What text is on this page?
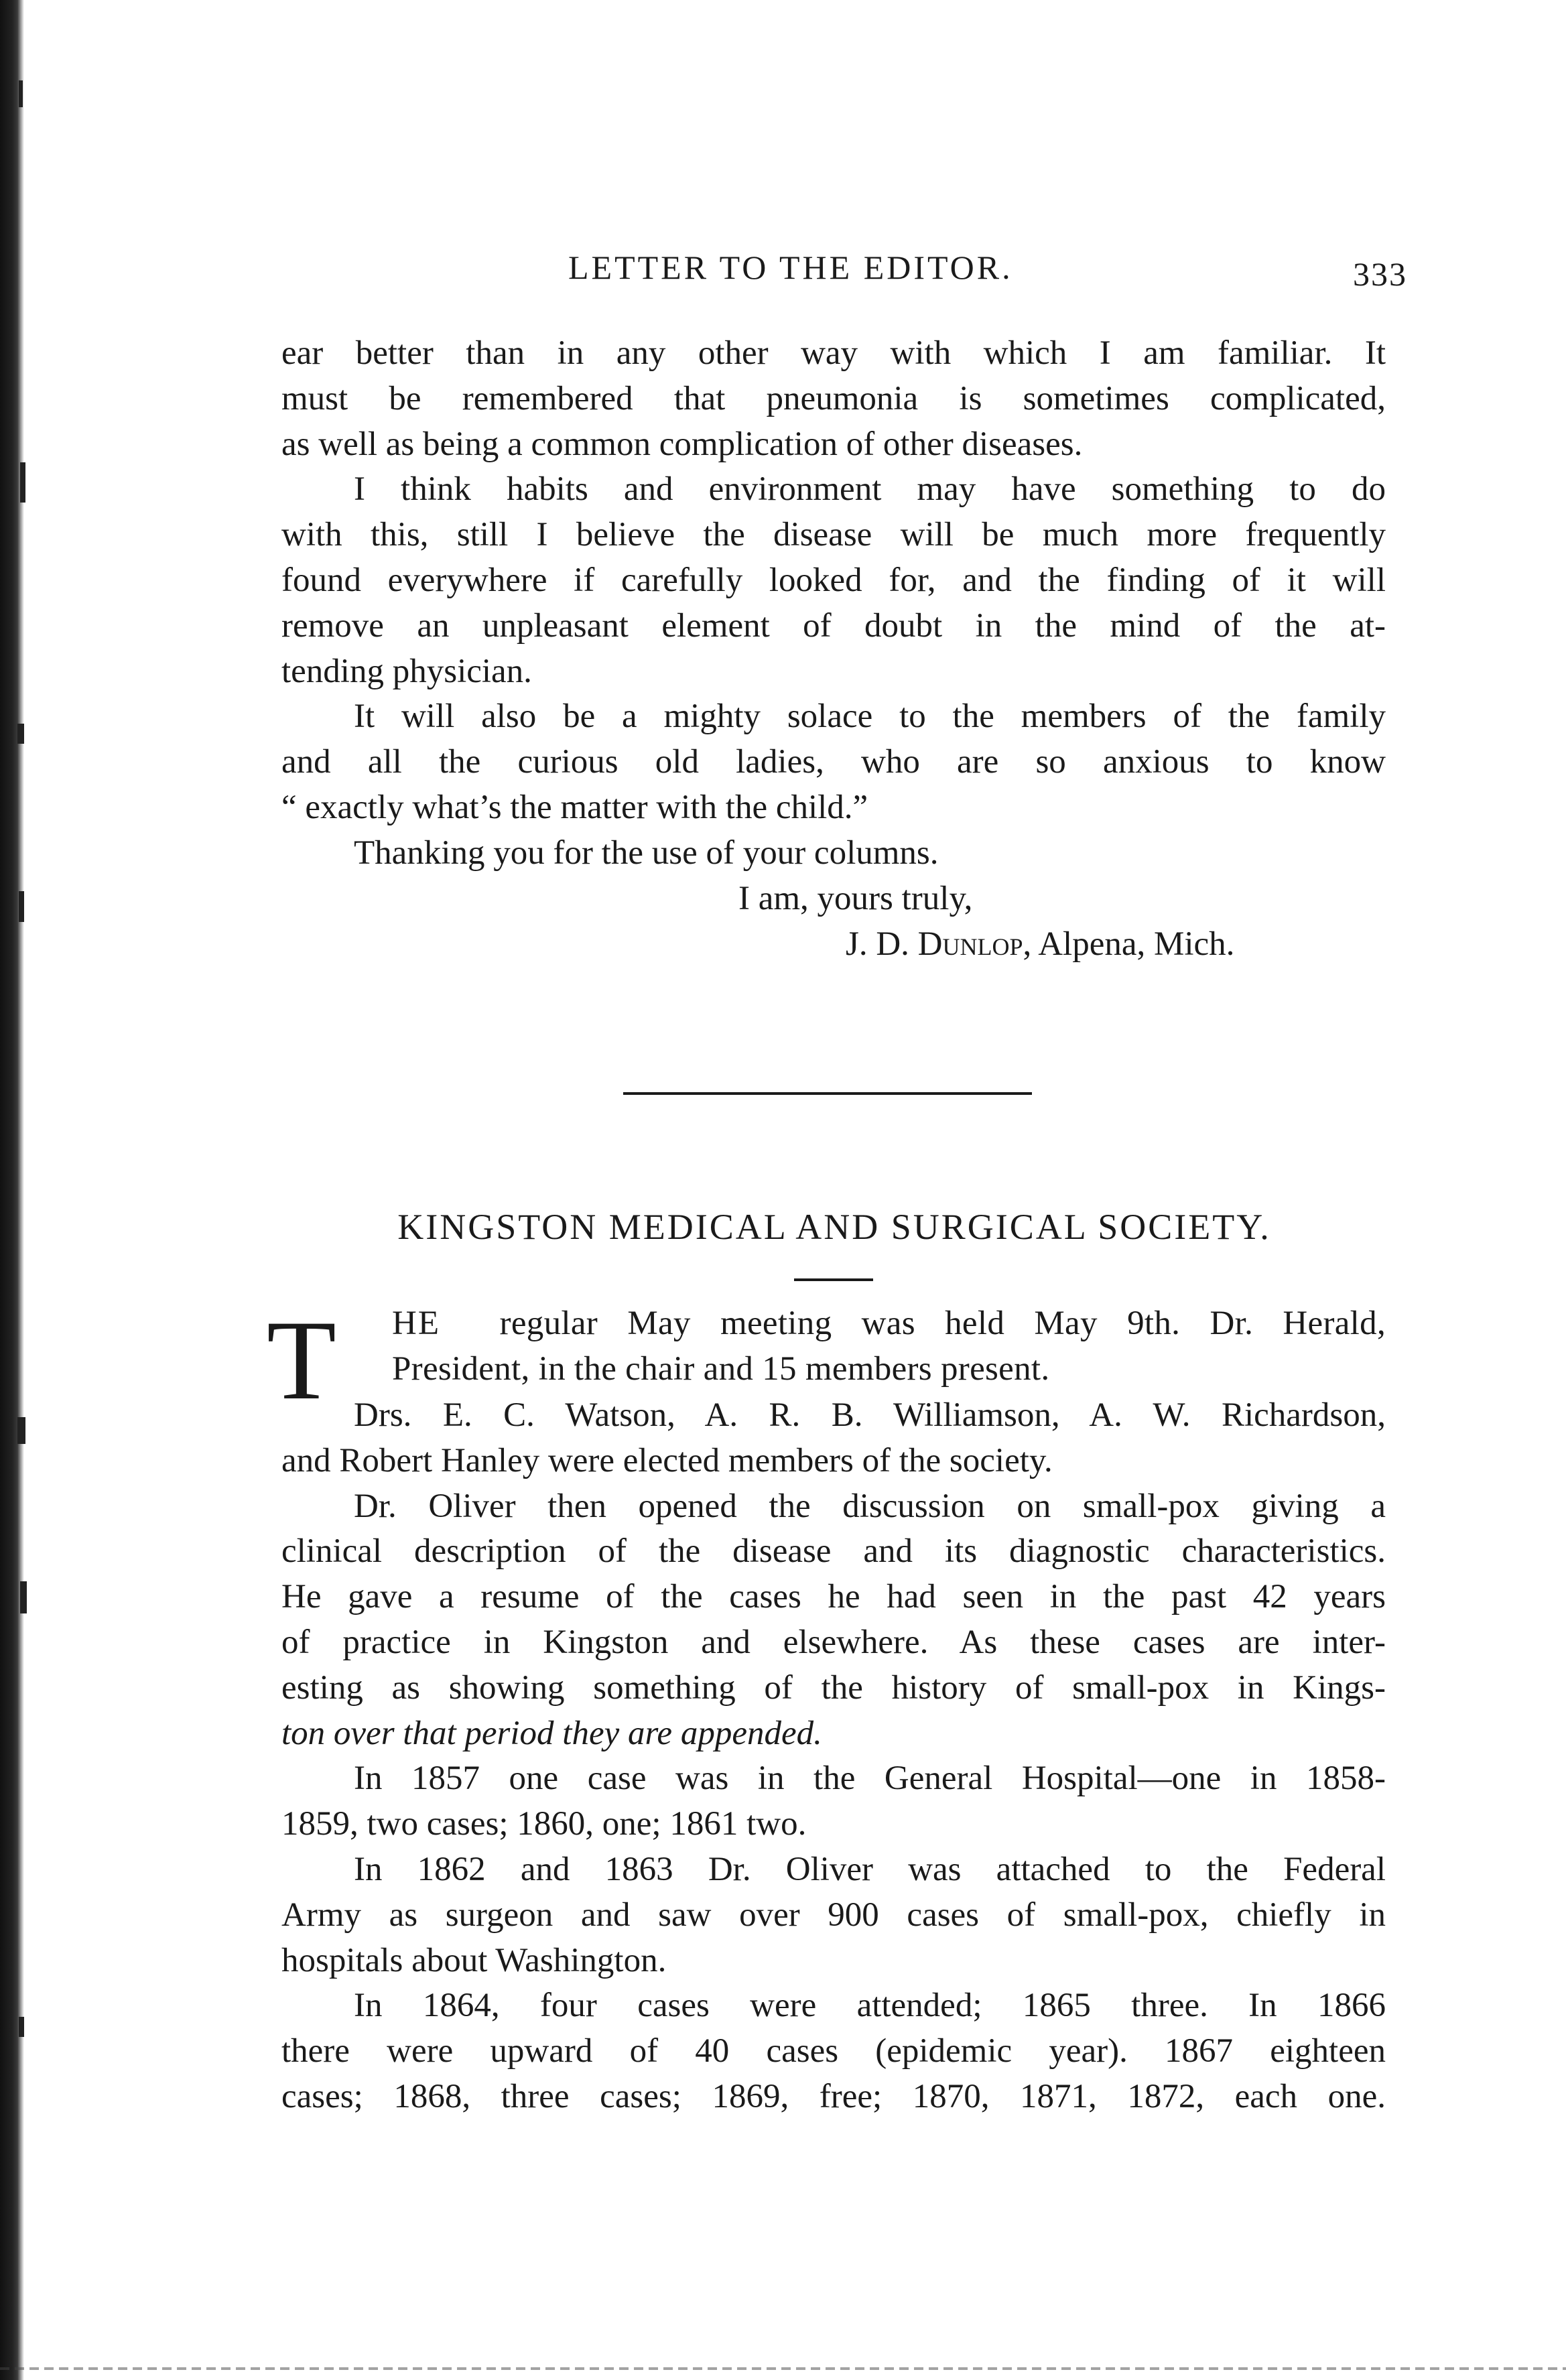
LETTER TO THE EDITOR.	333
ear better than in any other way with which I am familiar. It
must be remembered that pneumonia is sometimes complicated,
as well as being a common complication of other diseases.
I think habits and environment may have something to do
with this, still I believe the disease will be much more frequently
found everywhere if carefully looked for, and the finding of it will
remove an unpleasant element of doubt in the mind of the at-
tending physician.
It will also be a mighty solace to the members of the family
and all the curious old ladies, who are so anxious to know
“ exactly what’s the matter with the child.”
Thanking you for the use of your columns.
I am, yours truly,
J. D. Dunlop, Alpena, Mich.
KINGSTON MEDICAL AND SURGICAL SOCIETY.
T HE regular May meeting was held May 9th. Dr. Herald,
President, in the chair and 15 members present.
Drs. E. C. Watson, A. R. B. Williamson, A. W. Richardson,
and Robert Hanley were elected members of the society.
Dr. Oliver then opened the discussion on small-pox giving a
clinical description of the disease and its diagnostic characteristics.
He gave a resume of the cases he had seen in the past 42 years
of practice in Kingston and elsewhere. As these cases are inter-
esting as showing something of the history of small-pox in Kings-
ton over that period they are appended.
In 1857 one case was in the General Hospital—one in 1858-
1859, two cases; 1860, one; 1861 two.
In 1862 and 1863 Dr. Oliver was attached to the Federal
Army as surgeon and saw over 900 cases of small-pox, chiefly in
hospitals about Washington.
In 1864, four cases were attended; 1865 three. In 1866
there were upward of 40 cases (epidemic year). 1867 eighteen
cases; 1868, three cases; 1869, free; 1870, 1871, 1872, each one.
